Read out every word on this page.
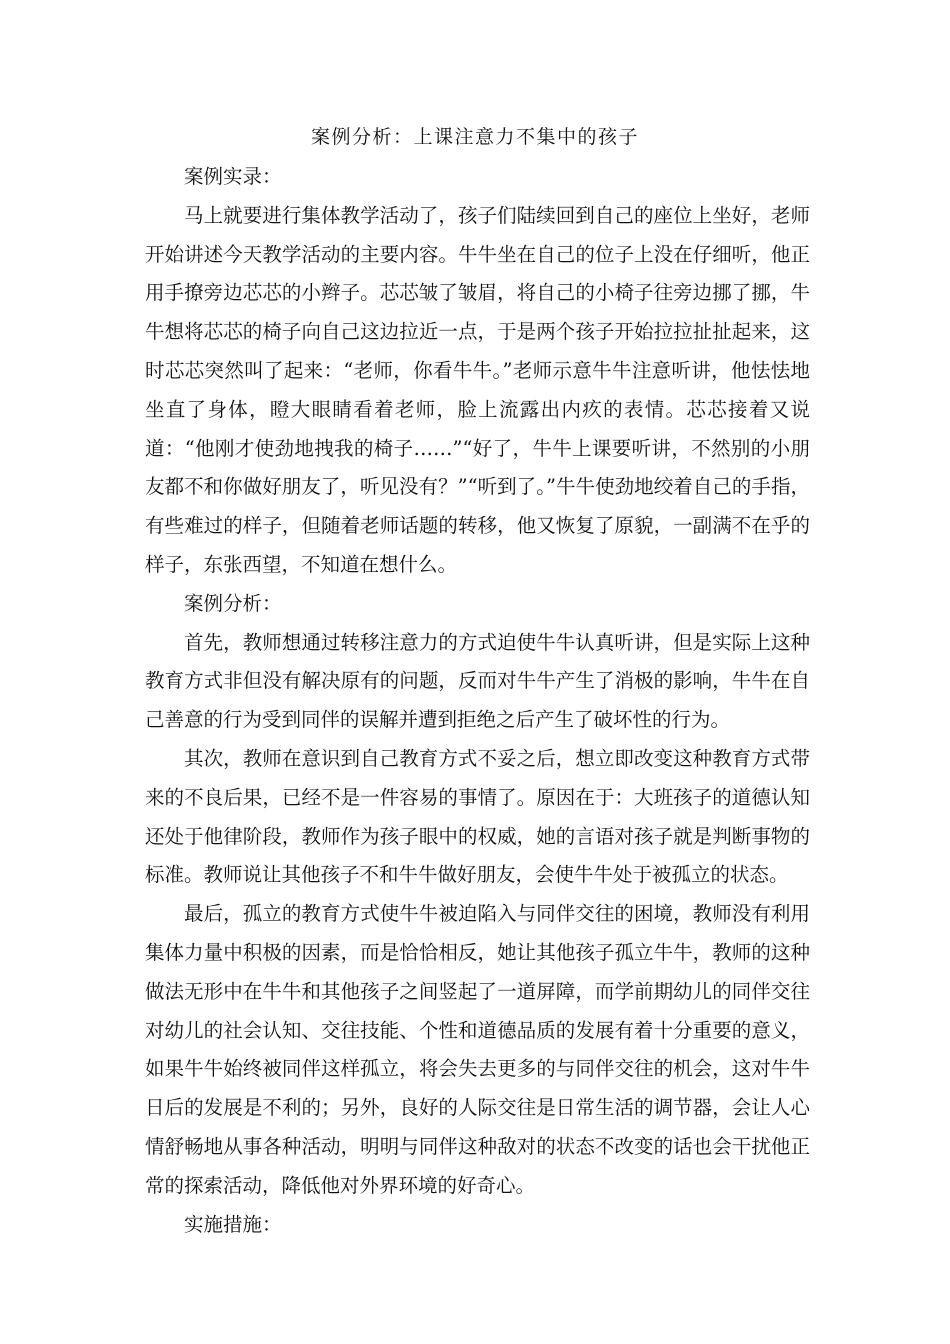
案例分析：上课注意力不集中的孩子

案例实录：

马上就要进行集体教学活动了，孩子们陆续回到自己的座位上坐好，老师开始讲述今天教学活动的主要内容。牛牛坐在自己的位子上没在仔细听，他正用手撩旁边芯芯的小辫子。芯芯皱了皱眉，将自己的小椅子往旁边挪了挪，牛牛想将芯芯的椅子向自己这边拉近一点，于是两个孩子开始拉拉扯扯起来，这时芯芯突然叫了起来：“老师，你看牛牛。”老师示意牛牛注意听讲，他怯怯地坐直了身体，瞪大眼睛看着老师，脸上流露出内疚的表情。芯芯接着又说道：“他刚才使劲地拽我的椅子……”“好了，牛牛上课要听讲，不然别的小朋友都不和你做好朋友了，听见没有？”“听到了。”牛牛使劲地绞着自己的手指，有些难过的样子，但随着老师话题的转移，他又恢复了原貌，一副满不在乎的样子，东张西望，不知道在想什么。

案例分析：

首先，教师想通过转移注意力的方式迫使牛牛认真听讲，但是实际上这种教育方式非但没有解决原有的问题，反而对牛牛产生了消极的影响，牛牛在自己善意的行为受到同伴的误解并遭到拒绝之后产生了破坏性的行为。

其次，教师在意识到自己教育方式不妥之后，想立即改变这种教育方式带来的不良后果，已经不是一件容易的事情了。原因在于：大班孩子的道德认知还处于他律阶段，教师作为孩子眼中的权威，她的言语对孩子就是判断事物的标准。教师说让其他孩子不和牛牛做好朋友，会使牛牛处于被孤立的状态。

最后，孤立的教育方式使牛牛被迫陷入与同伴交往的困境，教师没有利用集体力量中积极的因素，而是恰恰相反，她让其他孩子孤立牛牛，教师的这种做法无形中在牛牛和其他孩子之间竖起了一道屏障，而学前期幼儿的同伴交往对幼儿的社会认知、交往技能、个性和道德品质的发展有着十分重要的意义，如果牛牛始终被同伴这样孤立，将会失去更多的与同伴交往的机会，这对牛牛日后的发展是不利的；另外，良好的人际交往是日常生活的调节器，会让人心情舒畅地从事各种活动，明明与同伴这种敌对的状态不改变的话也会干扰他正常的探索活动，降低他对外界环境的好奇心。

实施措施：
